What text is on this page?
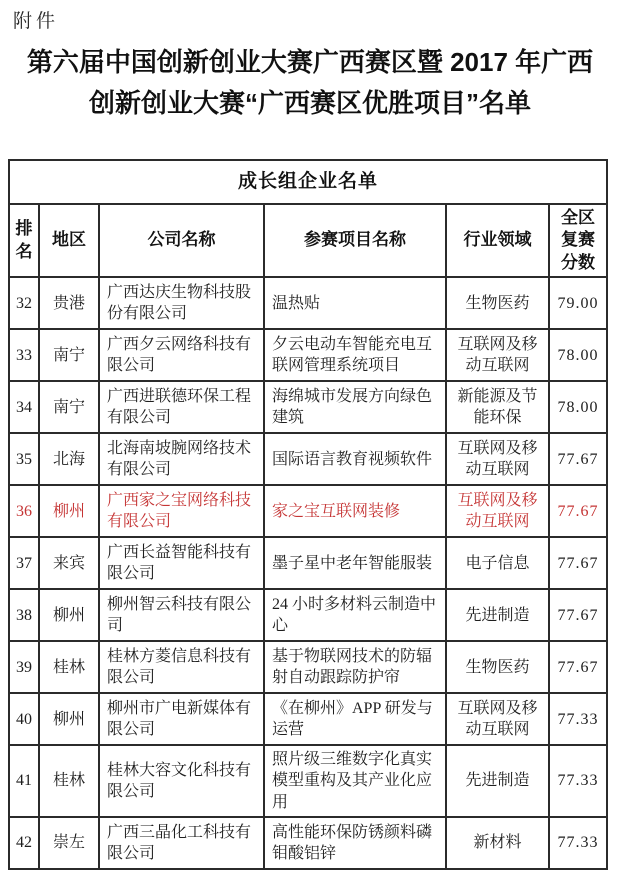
附件
第六届中国创新创业大赛广西赛区暨 2017 年广西
创新创业大赛“广西赛区优胜项目”名单
成长组企业名单					
排名	地区	公司名称	参赛项目名称	行业领域	全区复赛分数
32	贵港	广西达庆生物科技股份有限公司	温热贴	生物医药	79.00
33	南宁	广西夕云网络科技有限公司	夕云电动车智能充电互联网管理系统项目	互联网及移动互联网	78.00
34	南宁	广西进联德环保工程有限公司	海绵城市发展方向绿色建筑	新能源及节能环保	78.00
35	北海	北海南坡腕网络技术有限公司	国际语言教育视频软件	互联网及移动互联网	77.67
36	柳州	广西家之宝网络科技有限公司	家之宝互联网装修	互联网及移动互联网	77.67
37	来宾	广西长益智能科技有限公司	墨子星中老年智能服装	电子信息	77.67
38	柳州	柳州智云科技有限公司	24 小时多材料云制造中心	先进制造	77.67
39	桂林	桂林方菱信息科技有限公司	基于物联网技术的防辐射自动跟踪防护帘	生物医药	77.67
40	柳州	柳州市广电新媒体有限公司	《在柳州》APP 研发与运营	互联网及移动互联网	77.33
41	桂林	桂林大容文化科技有限公司	照片级三维数字化真实模型重构及其产业化应用	先进制造	77.33
42	崇左	广西三晶化工科技有限公司	高性能环保防锈颜料磷钼酸铝锌	新材料	77.33
